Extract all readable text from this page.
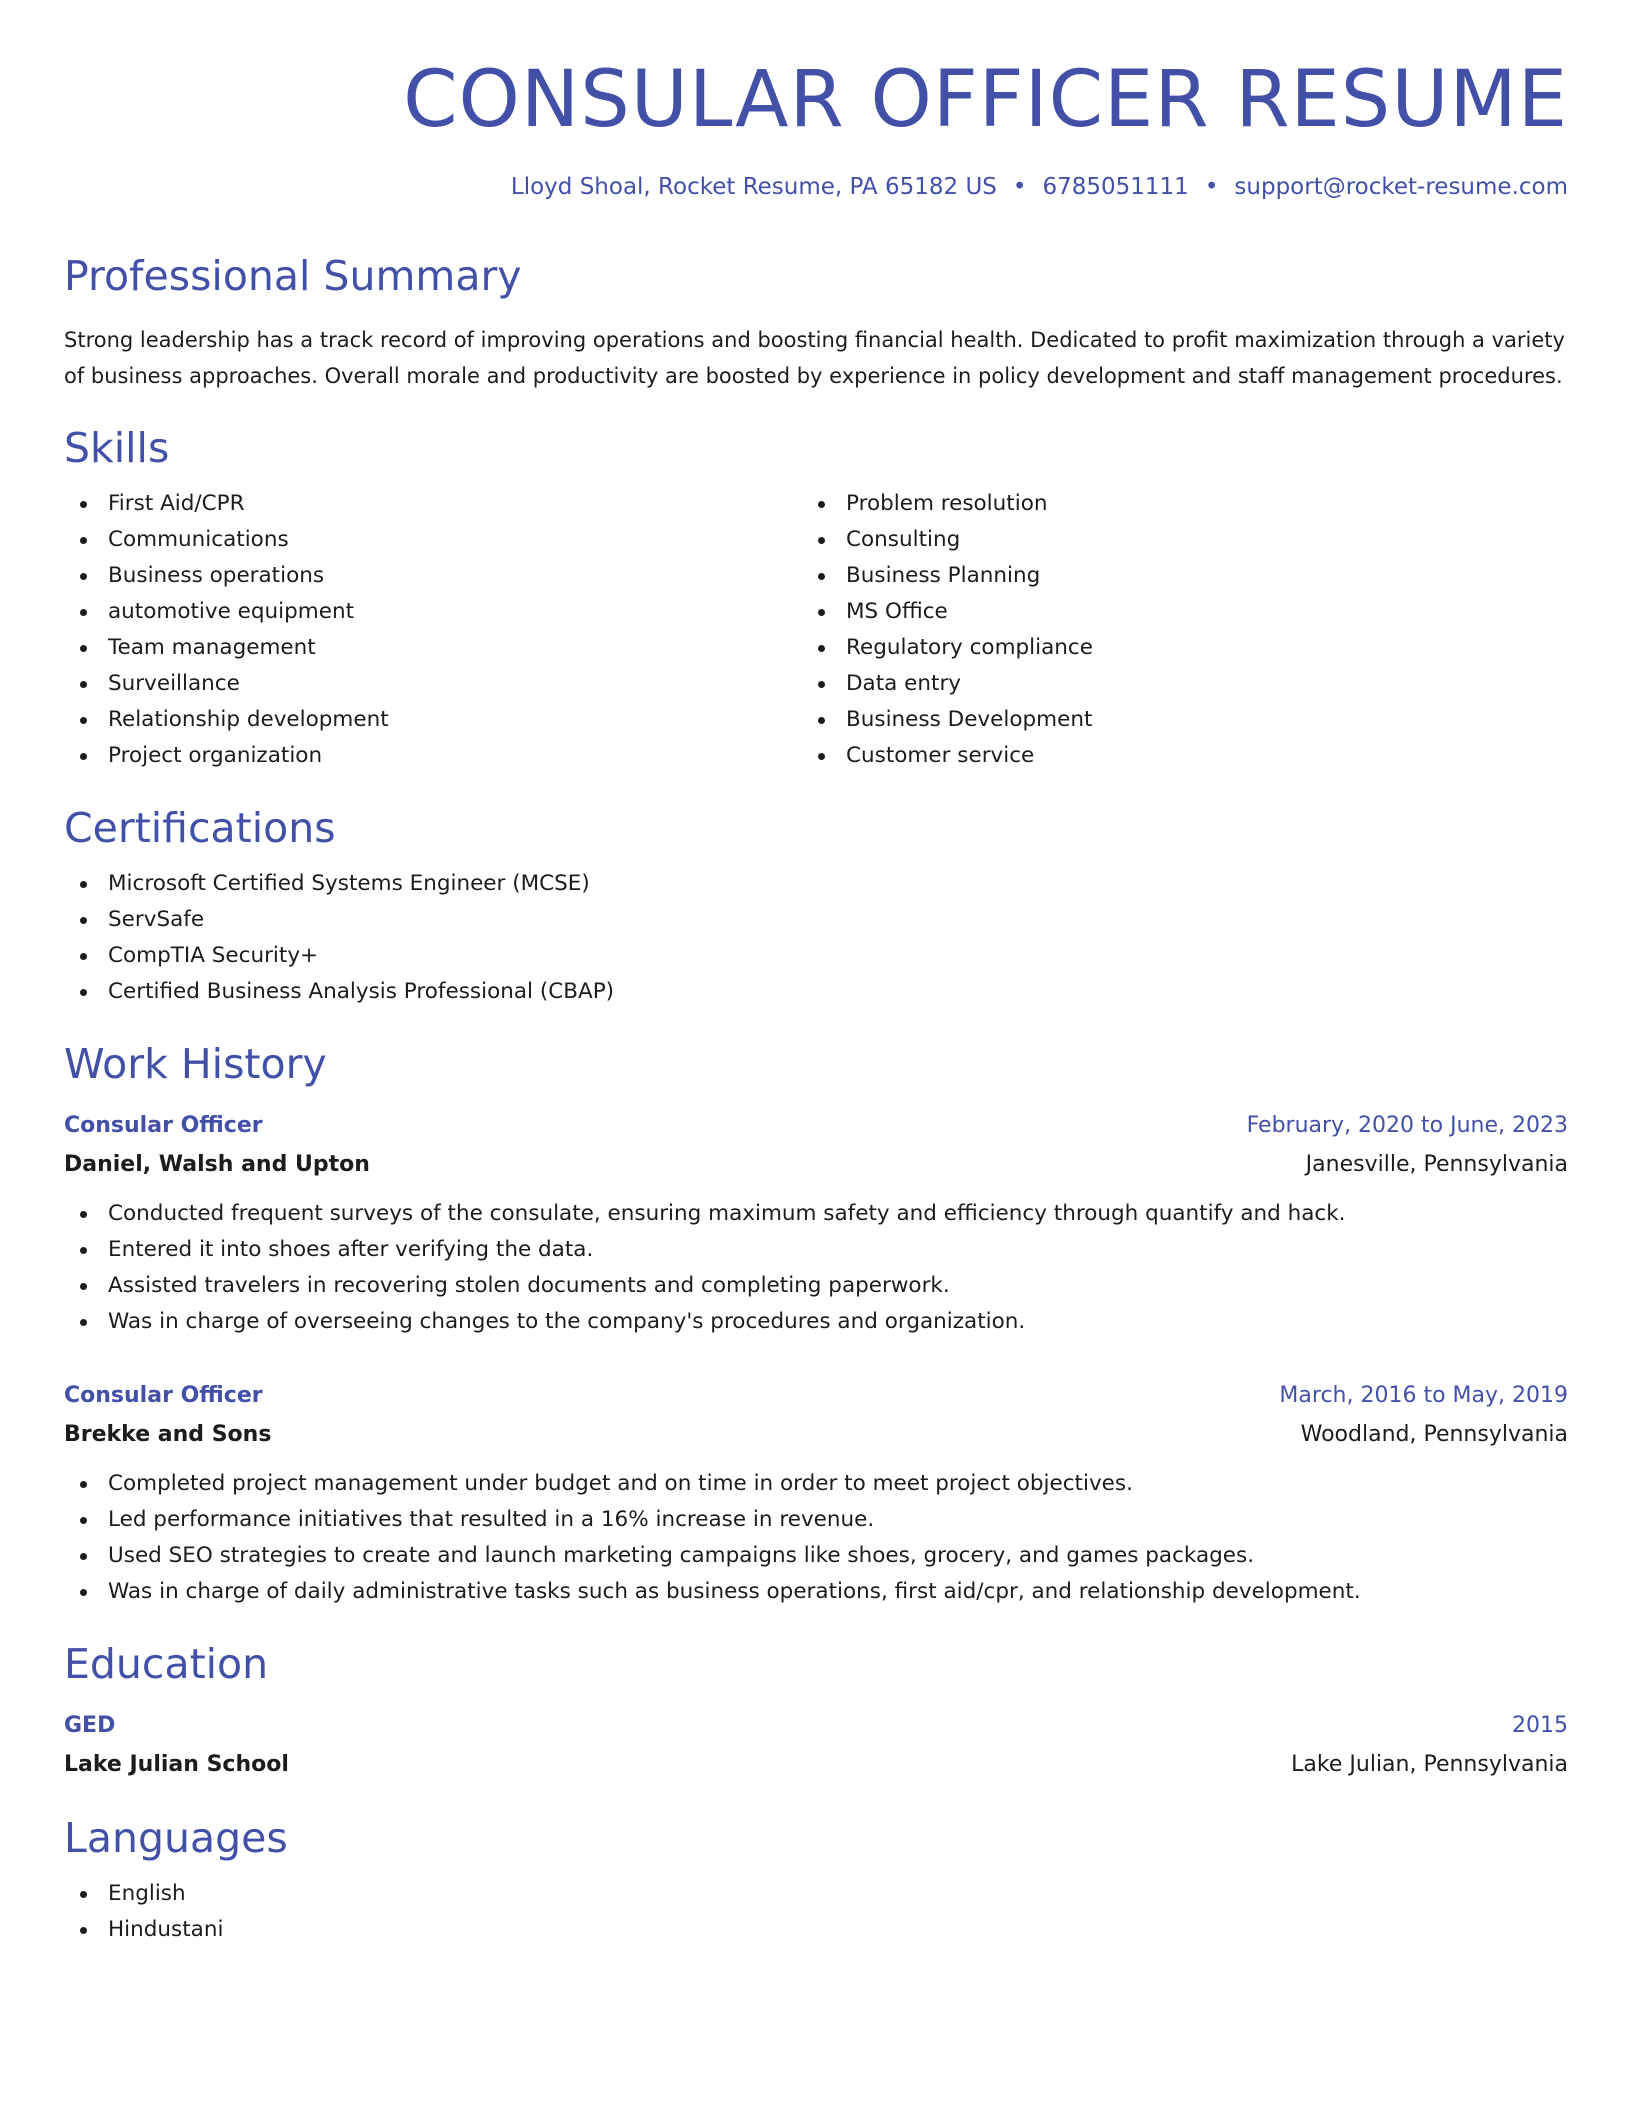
CONSULAR OFFICER RESUME
Lloyd Shoal, Rocket Resume, PA 65182 US • 6785051111 • support@rocket-resume.com
Professional Summary
Strong leadership has a track record of improving operations and boosting financial health. Dedicated to profit maximization through a variety of business approaches. Overall morale and productivity are boosted by experience in policy development and staff management procedures.
Skills
First Aid/CPR
Communications
Business operations
automotive equipment
Team management
Surveillance
Relationship development
Project organization
Problem resolution
Consulting
Business Planning
MS Office
Regulatory compliance
Data entry
Business Development
Customer service
Certifications
Microsoft Certified Systems Engineer (MCSE)
ServSafe
CompTIA Security+
Certified Business Analysis Professional (CBAP)
Work History
Consular Officer	February, 2020 to June, 2023
Daniel, Walsh and Upton	Janesville, Pennsylvania
Conducted frequent surveys of the consulate, ensuring maximum safety and efficiency through quantify and hack.
Entered it into shoes after verifying the data.
Assisted travelers in recovering stolen documents and completing paperwork.
Was in charge of overseeing changes to the company's procedures and organization.
Consular Officer	March, 2016 to May, 2019
Brekke and Sons	Woodland, Pennsylvania
Completed project management under budget and on time in order to meet project objectives.
Led performance initiatives that resulted in a 16% increase in revenue.
Used SEO strategies to create and launch marketing campaigns like shoes, grocery, and games packages.
Was in charge of daily administrative tasks such as business operations, first aid/cpr, and relationship development.
Education
GED	2015
Lake Julian School	Lake Julian, Pennsylvania
Languages
English
Hindustani
